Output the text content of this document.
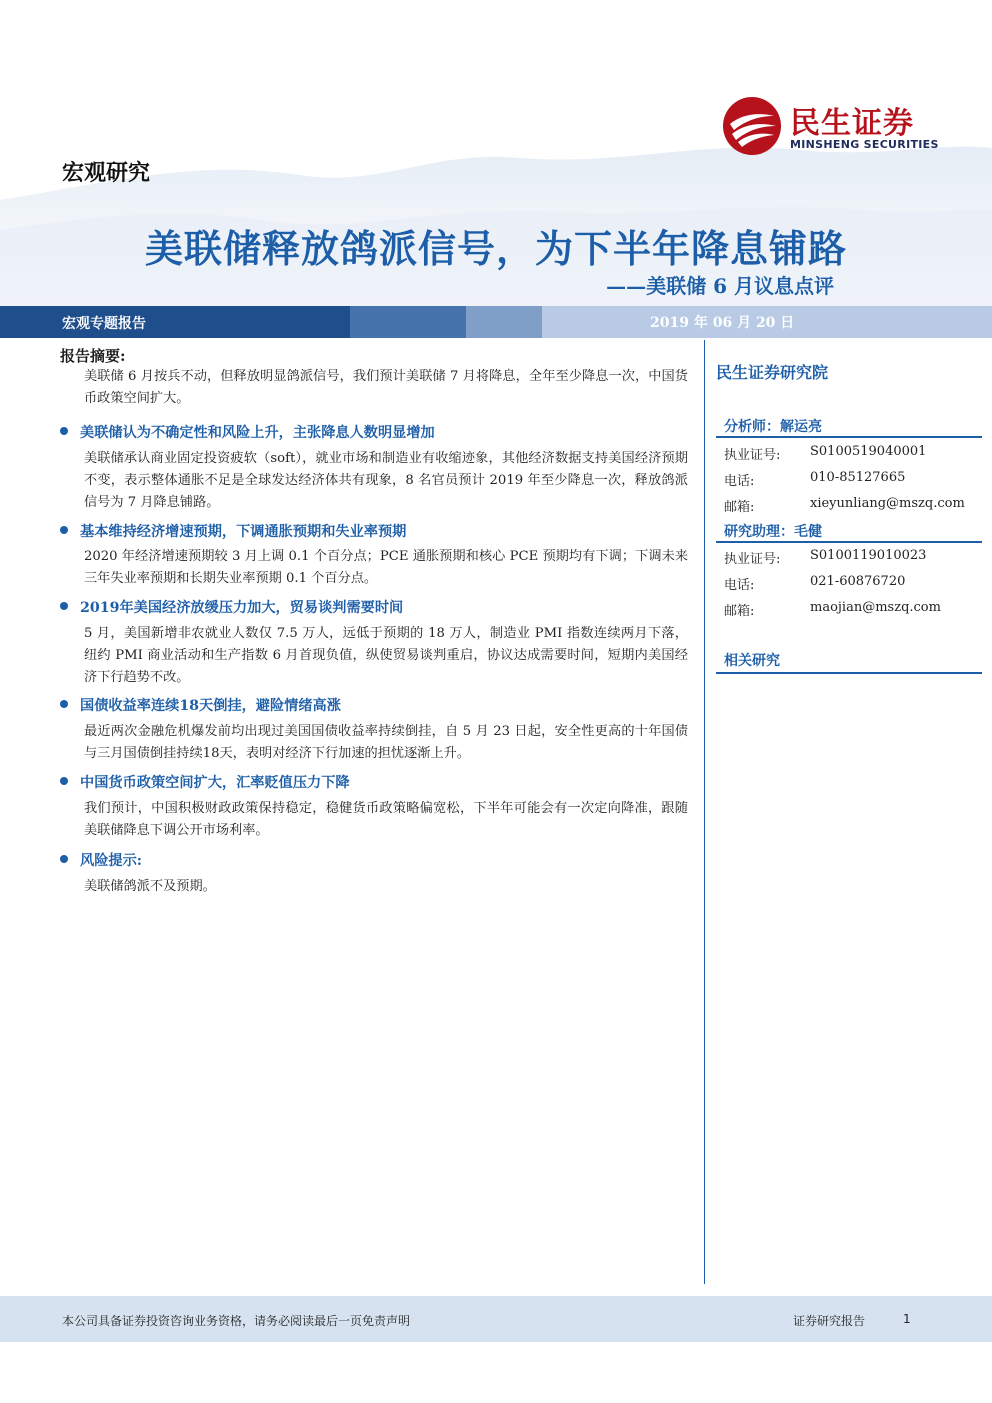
民生证券
MINSHENG SECURITIES
宏观研究
美联储释放鸽派信号，为下半年降息铺路
——美联储 6 月议息点评
宏观专题报告	2019 年 06 月 20 日
报告摘要:
美联储 6 月按兵不动，但释放明显鸽派信号，我们预计美联储 7 月将降息，全年至少降息一次，中国货币政策空间扩大。
美联储认为不确定性和风险上升，主张降息人数明显增加
美联储承认商业固定投资疲软（soft），就业市场和制造业有收缩迹象，其他经济数据支持美国经济预期不变，表示整体通胀不足是全球发达经济体共有现象，8 名官员预计 2019 年至少降息一次，释放鸽派信号为 7 月降息铺路。
基本维持经济增速预期，下调通胀预期和失业率预期
2020 年经济增速预期较 3 月上调 0.1 个百分点；PCE 通胀预期和核心 PCE 预期均有下调；下调未来三年失业率预期和长期失业率预期 0.1 个百分点。
2019年美国经济放缓压力加大，贸易谈判需要时间
5 月，美国新增非农就业人数仅 7.5 万人，远低于预期的 18 万人，制造业 PMI 指数连续两月下落，纽约 PMI 商业活动和生产指数 6 月首现负值，纵使贸易谈判重启，协议达成需要时间，短期内美国经济下行趋势不改。
国债收益率连续18天倒挂，避险情绪高涨
最近两次金融危机爆发前均出现过美国国债收益率持续倒挂，自 5 月 23 日起，安全性更高的十年国债与三月国债倒挂持续18天，表明对经济下行加速的担忧逐渐上升。
中国货币政策空间扩大，汇率贬值压力下降
我们预计，中国积极财政政策保持稳定，稳健货币政策略偏宽松，下半年可能会有一次定向降准，跟随美联储降息下调公开市场利率。
风险提示:
美联储鸽派不及预期。
民生证券研究院
分析师：解运亮
执业证号: S0100519040001
电话:	010-85127665
邮箱:	xieyunliang@mszq.com
研究助理：毛健
执业证号: S0100119010023
电话:	021-60876720
邮箱:	maojian@mszq.com
相关研究
本公司具备证券投资咨询业务资格，请务必阅读最后一页免责声明	证券研究报告	1
